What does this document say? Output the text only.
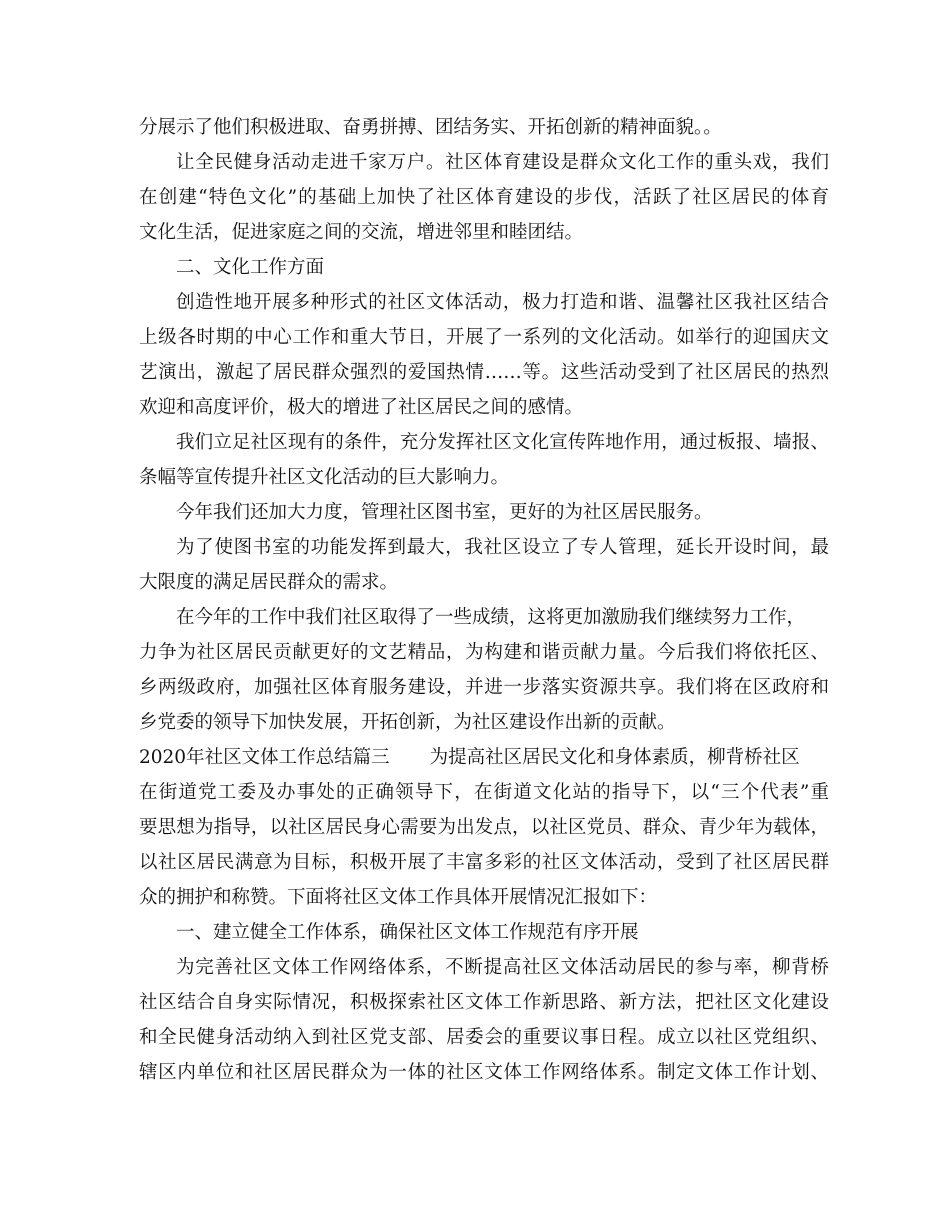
分展示了他们积极进取、奋勇拼搏、团结务实、开拓创新的精神面貌。。

让全民健身活动走进千家万户。社区体育建设是群众文化工作的重头戏，我们

在创建“特色文化”的基础上加快了社区体育建设的步伐，活跃了社区居民的体育

文化生活，促进家庭之间的交流，增进邻里和睦团结。

二、文化工作方面

创造性地开展多种形式的社区文体活动，极力打造和谐、温馨社区我社区结合

上级各时期的中心工作和重大节日，开展了一系列的文化活动。如举行的迎国庆文

艺演出，激起了居民群众强烈的爱国热情……等。这些活动受到了社区居民的热烈

欢迎和高度评价，极大的增进了社区居民之间的感情。

我们立足社区现有的条件，充分发挥社区文化宣传阵地作用，通过板报、墙报、

条幅等宣传提升社区文化活动的巨大影响力。

今年我们还加大力度，管理社区图书室，更好的为社区居民服务。

为了使图书室的功能发挥到最大，我社区设立了专人管理，延长开设时间，最

大限度的满足居民群众的需求。

在今年的工作中我们社区取得了一些成绩，这将更加激励我们继续努力工作，

力争为社区居民贡献更好的文艺精品，为构建和谐贡献力量。今后我们将依托区、

乡两级政府，加强社区体育服务建设，并进一步落实资源共享。我们将在区政府和

乡党委的领导下加快发展，开拓创新，为社区建设作出新的贡献。

2020年社区文体工作总结篇三 为提高社区居民文化和身体素质，柳背桥社区

在街道党工委及办事处的正确领导下，在街道文化站的指导下，以“三个代表”重

要思想为指导，以社区居民身心需要为出发点，以社区党员、群众、青少年为载体，

以社区居民满意为目标，积极开展了丰富多彩的社区文体活动，受到了社区居民群

众的拥护和称赞。下面将社区文体工作具体开展情况汇报如下：

一、建立健全工作体系，确保社区文体工作规范有序开展

为完善社区文体工作网络体系，不断提高社区文体活动居民的参与率，柳背桥

社区结合自身实际情况，积极探索社区文体工作新思路、新方法，把社区文化建设

和全民健身活动纳入到社区党支部、居委会的重要议事日程。成立以社区党组织、

辖区内单位和社区居民群众为一体的社区文体工作网络体系。制定文体工作计划、
